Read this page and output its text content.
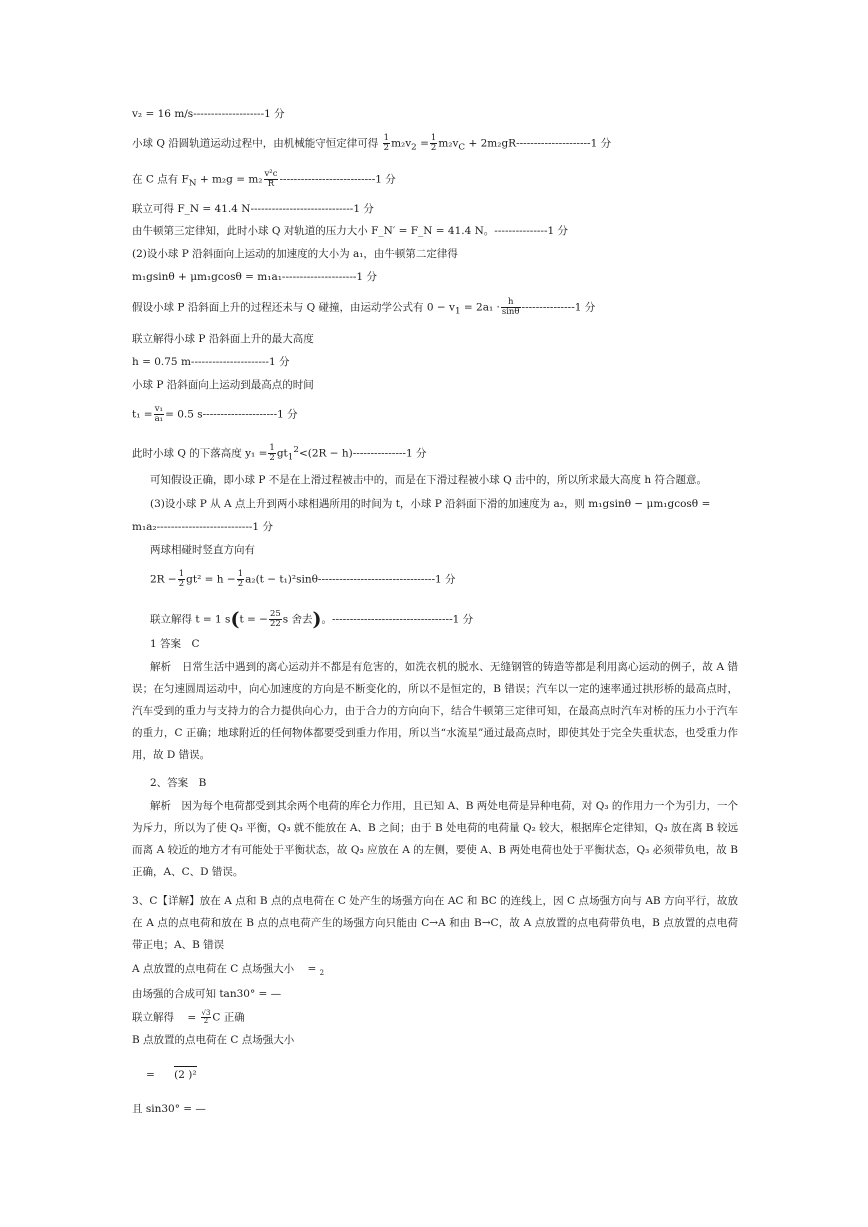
v₂ = 16 m/s--------------------1 分
小球 Q 沿圆轨道运动过程中，由机械能守恒定律可得 $\frac{1}{2} m_2v_2 = \frac{1}{2} m_2v_C + 2m_2gR---------------------1$ 分
在 C 点有 $F_N + m_2g = m_2 \frac{\text{v²c}}{R} ---------------------------1$ 分
联立可得 F_N = 41.4 N-----------------------------1 分
由牛顿第三定律知，此时小球 Q 对轨道的压力大小 F_N′ = F_N = 41.4 N。---------------1 分
(2)设小球 P 沿斜面向上运动的加速度的大小为 a₁，由牛顿第二定律得
m₁gsinθ + μm₁gcosθ = m₁a₁---------------------1 分
假设小球 P 沿斜面上升的过程还未与 Q 碰撞，由运动学公式有 $0 - v_1 = 2a_1 \cdot \frac{h}{\sin\theta} ---------------1$ 分
联立解得小球 P 沿斜面上升的最大高度
h = 0.75 m----------------------1 分
小球 P 沿斜面向上运动到最高点的时间
$t_1 = \frac{\text{v₁}}{\text{a₁}} = 0.5$ s---------------------1 分
此时小球 Q 的下落高度 $y_1 = \frac{1}{2} gt_1^2<(2R - h)---------------1$ 分
可知假设正确，即小球 P 不是在上滑过程被击中的，而是在下滑过程被小球 Q 击中的，所以所求最大高度 h 符合题意。
(3)设小球 P 从 A 点上升到两小球相遇所用的时间为 t，小球 P 沿斜面下滑的加速度为 a₂，则 m₁gsinθ − μm₁gcosθ =
m₁a₂---------------------------1 分
两球相碰时竖直方向有
$2R - \frac{1}{2} gt^2 = h - \frac{1}{2} a_2(t - t_1)^2\sin\theta---------------------------------1$ 分
联立解得 t = 1 s(t = − $\frac{25}{22}$ s 舍去)。----------------------------------1 分
1 答案　C
解析　日常生活中遇到的离心运动并不都是有危害的，如洗衣机的脱水、无缝钢管的铸造等都是利用离心运动的例子，故 A 错误；在匀速圆周运动中，向心加速度的方向是不断变化的，所以不是恒定的，B 错误；汽车以一定的速率通过拱形桥的最高点时，汽车受到的重力与支持力的合力提供向心力，由于合力的方向向下，结合牛顿第三定律可知，在最高点时汽车对桥的压力小于汽车的重力，C 正确；地球附近的任何物体都要受到重力作用，所以当“水流星”通过最高点时，即使其处于完全失重状态，也受重力作用，故 D 错误。
2、答案　B
解析　因为每个电荷都受到其余两个电荷的库仑力作用，且已知 A、B 两处电荷是异种电荷，对 Q₃ 的作用力一个为引力，一个为斥力，所以为了使 Q₃ 平衡，Q₃ 就不能放在 A、B 之间；由于 B 处电荷的电荷量 Q₂ 较大，根据库仑定律知，Q₃ 放在离 B 较远而离 A 较近的地方才有可能处于平衡状态，故 Q₃ 应放在 A 的左侧，要使 A、B 两处电荷也处于平衡状态，Q₃ 必须带负电，故 B 正确，A、C、D 错误。
3、C【详解】放在 A 点和 B 点的点电荷在 C 处产生的场强方向在 AC 和 BC 的连线上，因 C 点场强方向与 AB 方向平行，故放在 A 点的点电荷和放在 B 点的点电荷产生的场强方向只能由 C→A 和由 B→C，故 A 点放置的点电荷带负电，B 点放置的点电荷带正电；A、B 错误
A 点放置的点电荷在 C 点场强大小 = $_2$
由场强的合成可知 tan30° = —
联立解得 = $\frac{√3}{2}$ C 正确
B 点放置的点电荷在 C 点场强大小
= (2 )²
且 sin30° = —
